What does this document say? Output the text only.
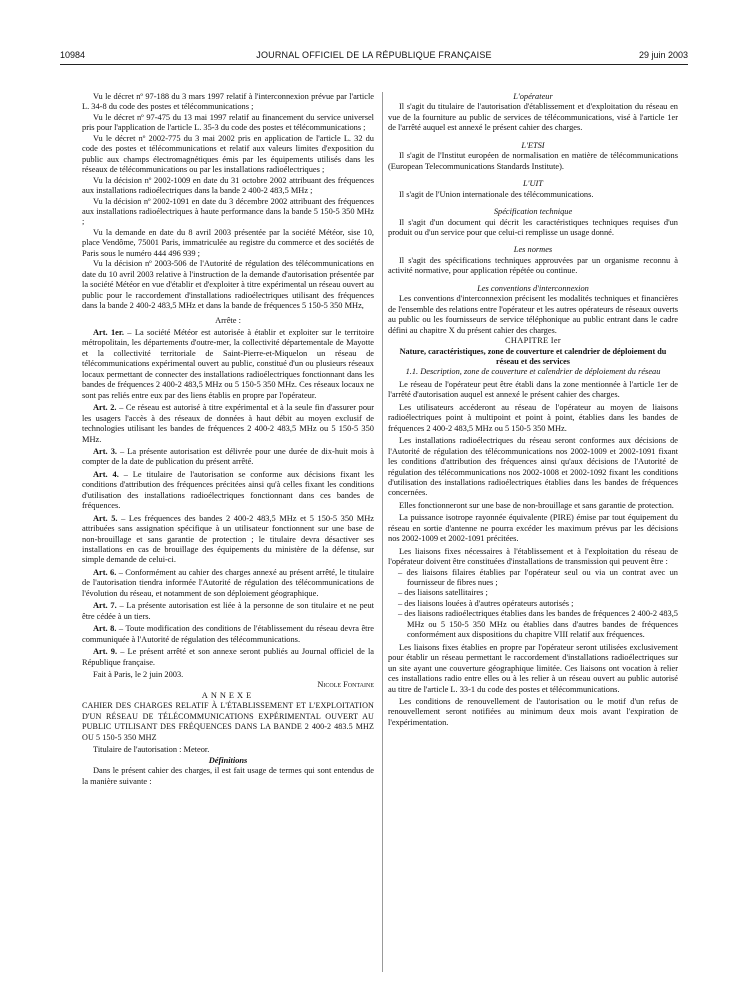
10984	JOURNAL OFFICIEL DE LA RÉPUBLIQUE FRANÇAISE	29 juin 2003

Vu le décret nº 97-188 du 3 mars 1997 relatif à l'interconnexion prévue par l'article L. 34-8 du code des postes et télécommunications ;

Vu le décret nº 97-475 du 13 mai 1997 relatif au financement du service universel pris pour l'application de l'article L. 35-3 du code des postes et télécommunications ;

Vu le décret nº 2002-775 du 3 mai 2002 pris en application de l'article L. 32 du code des postes et télécommunications et relatif aux valeurs limites d'exposition du public aux champs électromagnétiques émis par les équipements utilisés dans les réseaux de télécommunications ou par les installations radioélectriques ;

Vu la décision nº 2002-1009 en date du 31 octobre 2002 attribuant des fréquences aux installations radioélectriques dans la bande 2 400-2 483,5 MHz ;

Vu la décision nº 2002-1091 en date du 3 décembre 2002 attribuant des fréquences aux installations radioélectriques à haute performance dans la bande 5 150-5 350 MHz ;

Vu la demande en date du 8 avril 2003 présentée par la société Météor, sise 10, place Vendôme, 75001 Paris, immatriculée au registre du commerce et des sociétés de Paris sous le numéro 444 496 939 ;

Vu la décision nº 2003-506 de l'Autorité de régulation des télécommunications en date du 10 avril 2003 relative à l'instruction de la demande d'autorisation présentée par la société Météor en vue d'établir et d'exploiter à titre expérimental un réseau ouvert au public pour le raccordement d'installations radioélectriques utilisant des fréquences dans la bande 2 400-2 483,5 MHz et dans la bande de fréquences 5 150-5 350 MHz,

Arrête :

Art. 1er. – La société Météor est autorisée à établir et exploiter sur le territoire métropolitain, les départements d'outre-mer, la collectivité départementale de Mayotte et la collectivité territoriale de Saint-Pierre-et-Miquelon un réseau de télécommunications expérimental ouvert au public, constitué d'un ou plusieurs réseaux locaux permettant de connecter des installations radioélectriques fonctionnant dans les bandes de fréquences 2 400-2 483,5 MHz ou 5 150-5 350 MHz. Ces réseaux locaux ne sont pas reliés entre eux par des liens établis en propre par l'opérateur.

Art. 2. – Ce réseau est autorisé à titre expérimental et à la seule fin d'assurer pour les usagers l'accès à des réseaux de données à haut débit au moyen exclusif de technologies utilisant les bandes de fréquences 2 400-2 483,5 MHz ou 5 150-5 350 MHz.

Art. 3. – La présente autorisation est délivrée pour une durée de dix-huit mois à compter de la date de publication du présent arrêté.

Art. 4. – Le titulaire de l'autorisation se conforme aux décisions fixant les conditions d'attribution des fréquences précitées ainsi qu'à celles fixant les conditions d'utilisation des installations radioélectriques fonctionnant dans ces bandes de fréquences.

Art. 5. – Les fréquences des bandes 2 400-2 483,5 MHz et 5 150-5 350 MHz attribuées sans assignation spécifique à un utilisateur fonctionnent sur une base de non-brouillage et sans garantie de protection ; le titulaire devra désactiver ses installations en cas de brouillage des équipements du ministère de la défense, sur simple demande de celui-ci.

Art. 6. – Conformément au cahier des charges annexé au présent arrêté, le titulaire de l'autorisation tiendra informée l'Autorité de régulation des télécommunications de l'évolution du réseau, et notamment de son déploiement géographique.

Art. 7. – La présente autorisation est liée à la personne de son titulaire et ne peut être cédée à un tiers.

Art. 8. – Toute modification des conditions de l'établissement du réseau devra être communiquée à l'Autorité de régulation des télécommunications.

Art. 9. – Le présent arrêté et son annexe seront publiés au Journal officiel de la République française.

Fait à Paris, le 2 juin 2003.

Nicole Fontaine

ANNEXE

CAHIER DES CHARGES RELATIF À L'ÉTABLISSEMENT ET L'EXPLOITATION D'UN RÉSEAU DE TÉLÉCOMMUNICATIONS EXPÉRIMENTAL OUVERT AU PUBLIC UTILISANT DES FRÉQUENCES DANS LA BANDE 2 400-2 483.5 MHZ OU 5 150-5 350 MHZ

Titulaire de l'autorisation : Meteor.

Définitions

Dans le présent cahier des charges, il est fait usage de termes qui sont entendus de la manière suivante :

L'opérateur

Il s'agit du titulaire de l'autorisation d'établissement et d'exploitation du réseau en vue de la fourniture au public de services de télécommunications, visé à l'article 1er de l'arrêté auquel est annexé le présent cahier des charges.

L'ETSI

Il s'agit de l'Institut européen de normalisation en matière de télécommunications (European Telecommunications Standards Institute).

L'UIT

Il s'agit de l'Union internationale des télécommunications.

Spécification technique

Il s'agit d'un document qui décrit les caractéristiques techniques requises d'un produit ou d'un service pour que celui-ci remplisse un usage donné.

Les normes

Il s'agit des spécifications techniques approuvées par un organisme reconnu à activité normative, pour application répétée ou continue.

Les conventions d'interconnexion

Les conventions d'interconnexion précisent les modalités techniques et financières de l'ensemble des relations entre l'opérateur et les autres opérateurs de réseaux ouverts au public ou les fournisseurs de service téléphonique au public entrant dans le cadre défini au chapitre X du présent cahier des charges.

CHAPITRE Ier

Nature, caractéristiques, zone de couverture et calendrier de déploiement du réseau et des services

1.1. Description, zone de couverture et calendrier de déploiement du réseau

Le réseau de l'opérateur peut être établi dans la zone mentionnée à l'article 1er de l'arrêté d'autorisation auquel est annexé le présent cahier des charges.

Les utilisateurs accéderont au réseau de l'opérateur au moyen de liaisons radioélectriques point à multipoint et point à point, établies dans les bandes de fréquences 2 400-2 483,5 MHz ou 5 150-5 350 MHz.

Les installations radioélectriques du réseau seront conformes aux décisions de l'Autorité de régulation des télécommunications nos 2002-1009 et 2002-1091 fixant les conditions d'attribution des fréquences ainsi qu'aux décisions de l'Autorité de régulation des télécommunications nos 2002-1008 et 2002-1092 fixant les conditions d'utilisation des installations radioélectriques établies dans les bandes de fréquences concernées.

Elles fonctionneront sur une base de non-brouillage et sans garantie de protection.

La puissance isotrope rayonnée équivalente (PIRE) émise par tout équipement du réseau en sortie d'antenne ne pourra excéder les maximum prévus par les décisions nos 2002-1009 et 2002-1091 précitées.

Les liaisons fixes nécessaires à l'établissement et à l'exploitation du réseau de l'opérateur doivent être constituées d'installations de transmission qui peuvent être :

– des liaisons filaires établies par l'opérateur seul ou via un contrat avec un fournisseur de fibres nues ;

– des liaisons satellitaires ;

– des liaisons louées à d'autres opérateurs autorisés ;

– des liaisons radioélectriques établies dans les bandes de fréquences 2 400-2 483,5 MHz ou 5 150-5 350 MHz ou établies dans d'autres bandes de fréquences conformément aux dispositions du chapitre VIII relatif aux fréquences.

Les liaisons fixes établies en propre par l'opérateur seront utilisées exclusivement pour établir un réseau permettant le raccordement d'installations radioélectriques sur un site ayant une couverture géographique limitée. Ces liaisons ont vocation à relier ces installations radio entre elles ou à les relier à un réseau ouvert au public autorisé au titre de l'article L. 33-1 du code des postes et télécommunications.

Les conditions de renouvellement de l'autorisation ou le motif d'un refus de renouvellement seront notifiées au minimum deux mois avant l'expiration de l'expérimentation.
